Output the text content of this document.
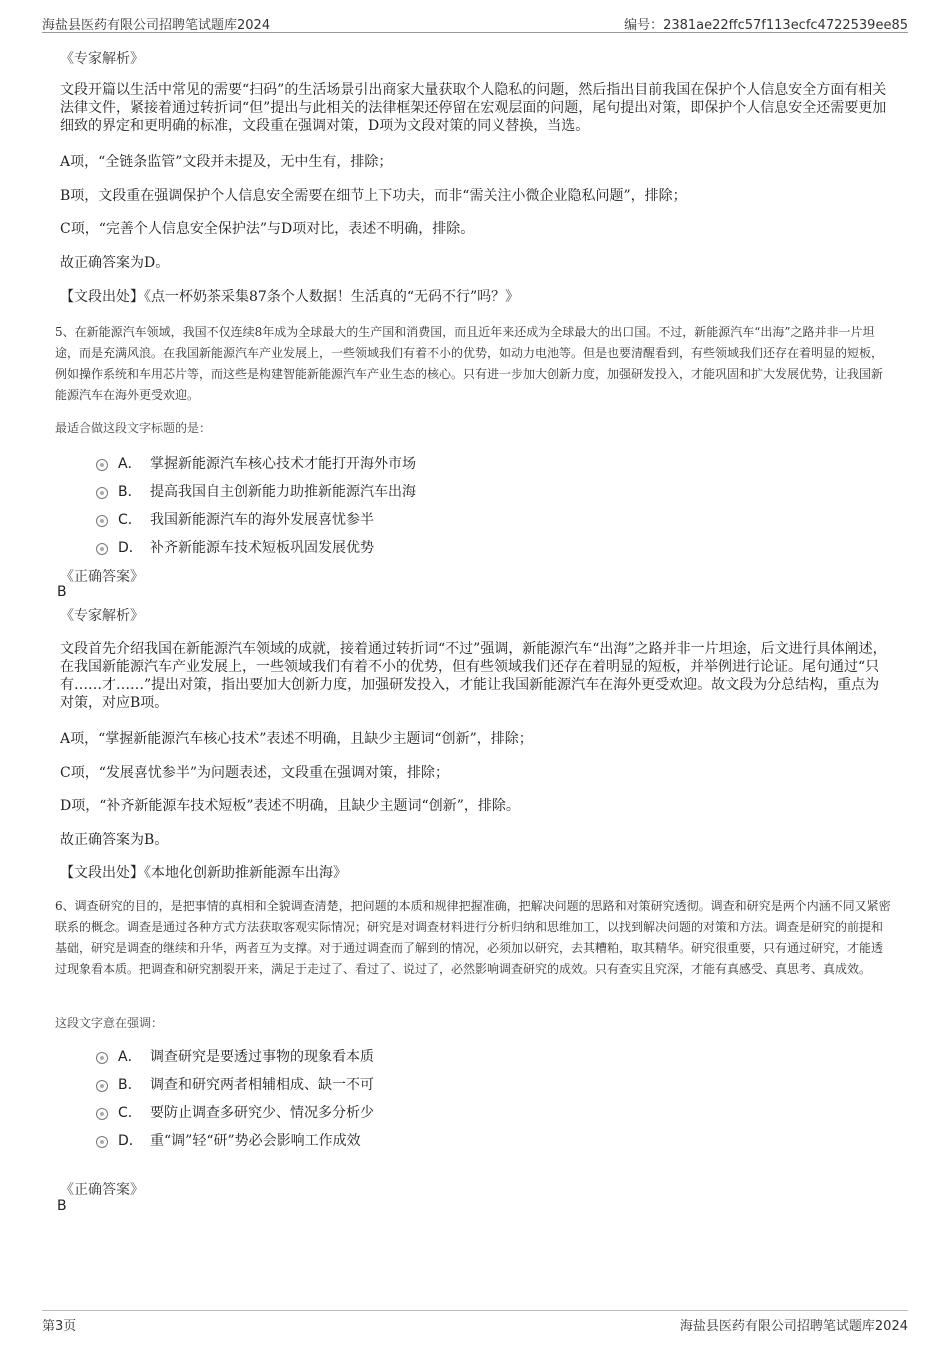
海盐县医药有限公司招聘笔试题库2024	编号：2381ae22ffc57f113ecfc4722539ee85
《专家解析》

文段开篇以生活中常见的需要“扫码”的生活场景引出商家大量获取个人隐私的问题，然后指出目前我国在保护个人信息安全方面有相关法律文件，紧接着通过转折词“但”提出与此相关的法律框架还停留在宏观层面的问题，尾句提出对策，即保护个人信息安全还需要更加细致的界定和更明确的标准，文段重在强调对策，D项为文段对策的同义替换，当选。

A项，“全链条监管”文段并未提及，无中生有，排除；
B项，文段重在强调保护个人信息安全需要在细节上下功夫，而非“需关注小微企业隐私问题”，排除；
C项，“完善个人信息安全保护法”与D项对比，表述不明确，排除。
故正确答案为D。
【文段出处】《点一杯奶茶采集87条个人数据！生活真的“无码不行”吗？》

5、在新能源汽车领域，我国不仅连续8年成为全球最大的生产国和消费国，而且近年来还成为全球最大的出口国。不过，新能源汽车“出海”之路并非一片坦途，而是充满风浪。在我国新能源汽车产业发展上，一些领域我们有着不小的优势，如动力电池等。但是也要清醒看到，有些领域我们还存在着明显的短板，例如操作系统和车用芯片等，而这些是构建智能新能源汽车产业生态的核心。只有进一步加大创新力度，加强研发投入，才能巩固和扩大发展优势，让我国新能源汽车在海外更受欢迎。

最适合做这段文字标题的是：
A． 掌握新能源汽车核心技术才能打开海外市场
B． 提高我国自主创新能力助推新能源汽车出海
C． 我国新能源汽车的海外发展喜忧参半
D． 补齐新能源车技术短板巩固发展优势
《正确答案》
B
《专家解析》

文段首先介绍我国在新能源汽车领域的成就，接着通过转折词“不过”强调，新能源汽车“出海”之路并非一片坦途，后文进行具体阐述，在我国新能源汽车产业发展上，一些领域我们有着不小的优势，但有些领域我们还存在着明显的短板，并举例进行论证。尾句通过“只有……才……”提出对策，指出要加大创新力度，加强研发投入，才能让我国新能源汽车在海外更受欢迎。故文段为分总结构，重点为对策，对应B项。

A项，“掌握新能源汽车核心技术”表述不明确，且缺少主题词“创新”，排除；
C项，“发展喜忧参半”为问题表述，文段重在强调对策，排除；
D项，“补齐新能源车技术短板”表述不明确，且缺少主题词“创新”，排除。
故正确答案为B。
【文段出处】《本地化创新助推新能源车出海》

6、调查研究的目的，是把事情的真相和全貌调查清楚，把问题的本质和规律把握准确，把解决问题的思路和对策研究透彻。调查和研究是两个内涵不同又紧密联系的概念。调查是通过各种方式方法获取客观实际情况；研究是对调查材料进行分析归纳和思维加工，以找到解决问题的对策和方法。调查是研究的前提和基础，研究是调查的继续和升华，两者互为支撑。对于通过调查而了解到的情况，必须加以研究，去其糟粕，取其精华。研究很重要，只有通过研究，才能透过现象看本质。把调查和研究割裂开来，满足于走过了、看过了、说过了，必然影响调查研究的成效。只有查实且究深，才能有真感受、真思考、真成效。

这段文字意在强调：
A． 调查研究是要透过事物的现象看本质
B． 调查和研究两者相辅相成、缺一不可
C． 要防止调查多研究少、情况多分析少
D． 重“调”轻“研”势必会影响工作成效
《正确答案》
B
第3页	海盐县医药有限公司招聘笔试题库2024
